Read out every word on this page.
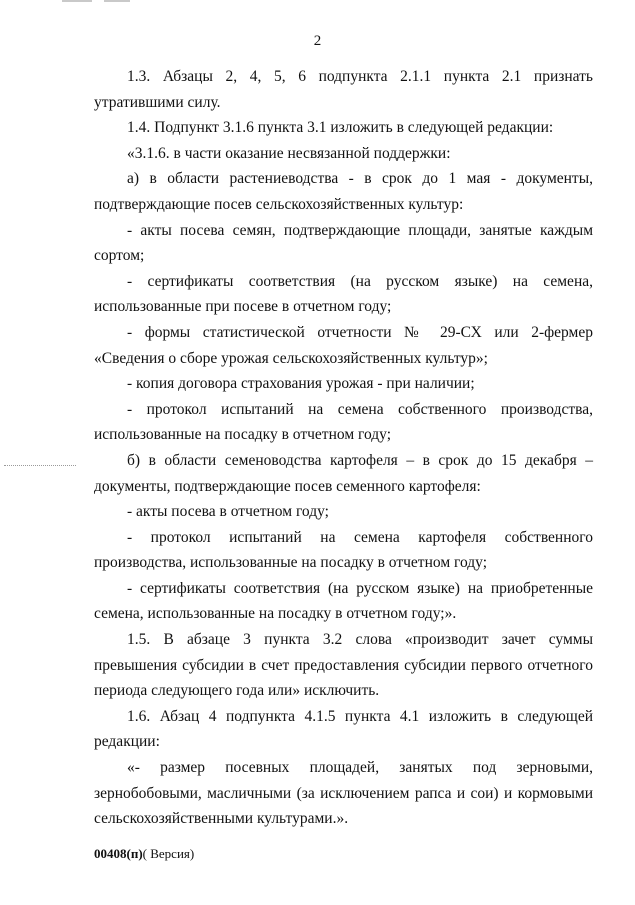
2

1.3. Абзацы 2, 4, 5, 6 подпункта 2.1.1 пункта 2.1 признать утратившими силу.

1.4. Подпункт 3.1.6 пункта 3.1 изложить в следующей редакции:

«3.1.6. в части оказание несвязанной поддержки:

а) в области растениеводства - в срок до 1 мая - документы, подтверждающие посев сельскохозяйственных культур:

- акты посева семян, подтверждающие площади, занятые каждым сортом;

- сертификаты соответствия (на русском языке) на семена, использованные при посеве в отчетном году;

- формы статистической отчетности № 29-СХ или 2-фермер «Сведения о сборе урожая сельскохозяйственных культур»;

- копия договора страхования урожая - при наличии;

- протокол испытаний на семена собственного производства, использованные на посадку в отчетном году;

б) в области семеноводства картофеля – в срок до 15 декабря – документы, подтверждающие посев семенного картофеля:

- акты посева в отчетном году;

- протокол испытаний на семена картофеля собственного производства, использованные на посадку в отчетном году;

- сертификаты соответствия (на русском языке) на приобретенные семена, использованные на посадку в отчетном году;».

1.5. В абзаце 3 пункта 3.2 слова «производит зачет суммы превышения субсидии в счет предоставления субсидии первого отчетного периода следующего года или» исключить.

1.6. Абзац 4 подпункта 4.1.5 пункта 4.1 изложить в следующей редакции:

«- размер посевных площадей, занятых под зерновыми, зернобобовыми, масличными (за исключением рапса и сои) и кормовыми сельскохозяйственными культурами.».

00408(п)( Версия)
